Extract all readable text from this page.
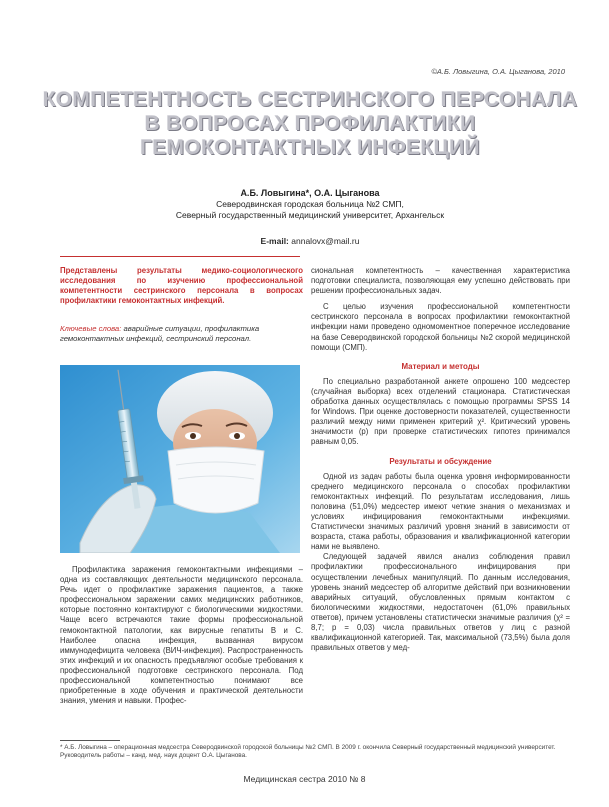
©А.Б. Ловыгина, О.А. Цыганова, 2010
КОМПЕТЕНТНОСТЬ СЕСТРИНСКОГО ПЕРСОНАЛА
В ВОПРОСАХ ПРОФИЛАКТИКИ
ГЕМОКОНТАКТНЫХ ИНФЕКЦИЙ
А.Б. Ловыгина*, О.А. Цыганова
Северодвинская городская больница №2 СМП,
Северный государственный медицинский университет, Архангельск
E-mail: annalovx@mail.ru
Представлены результаты медико-социологического исследования по изучению профессиональной компетентности сестринского персонала в вопросах профилактики гемоконтактных инфекций.
Ключевые слова: аварийные ситуации, профилактика гемоконтактных инфекций, сестринский персонал.

Профилактика заражения гемоконтактными инфекциями – одна из составляющих деятельности медицинского персонала. Речь идет о профилактике заражения пациентов, а также профессиональном заражении самих медицинских работников, которые постоянно контактируют с биологическими жидкостями. Чаще всего встречаются такие формы профессиональной гемоконтактной патологии, как вирусные гепатиты В и С. Наиболее опасна инфекция, вызванная вирусом иммунодефицита человека (ВИЧ-инфекция). Распространенность этих инфекций и их опасность предъявляют особые требования к профессиональной подготовке сестринского персонала. Под профессиональной компетентностью понимают все приобретенные в ходе обучения и практической деятельности знания, умения и навыки. Профес-

сиональная компетентность – качественная характеристика подготовки специалиста, позволяющая ему успешно действовать при решении профессиональных задач.

С целью изучения профессиональной компетентности сестринского персонала в вопросах профилактики гемоконтактной инфекции нами проведено одномоментное поперечное исследование на базе Северодвинской городской больницы №2 скорой медицинской помощи (СМП).

Материал и методы

По специально разработанной анкете опрошено 100 медсестер (случайная выборка) всех отделений стационара. Статистическая обработка данных осуществлялась с помощью программы SPSS 14 for Windows. При оценке достоверности показателей, существенности различий между ними применен критерий χ². Критический уровень значимости (р) при проверке статистических гипотез принимался равным 0,05.

Результаты и обсуждение

Одной из задач работы была оценка уровня информированности среднего медицинского персонала о способах профилактики гемоконтактных инфекций. По результатам исследования, лишь половина (51,0%) медсестер имеют четкие знания о механизмах и условиях инфицирования гемоконтактными инфекциями. Статистически значимых различий уровня знаний в зависимости от возраста, стажа работы, образования и квалификационной категории нами не выявлено.

Следующей задачей явился анализ соблюдения правил профилактики профессионального инфицирования при осуществлении лечебных манипуляций. По данным исследования, уровень знаний медсестер об алгоритме действий при возникновении аварийных ситуаций, обусловленных прямым контактом с биологическими жидкостями, недостаточен (61,0% правильных ответов), причем установлены статистически значимые различия (χ² = 8,7; р = 0,03) числа правильных ответов у лиц с разной квалификационной категорией. Так, максимальной (73,5%) была доля правильных ответов у мед-

* А.Б. Ловыгина – операционная медсестра Северодвинской городской больницы №2 СМП. В 2009 г. окончила Северный государственный медицинский университет. Руководитель работы – канд. мед. наук доцент О.А. Цыганова.
Медицинская сестра 2010 № 8
